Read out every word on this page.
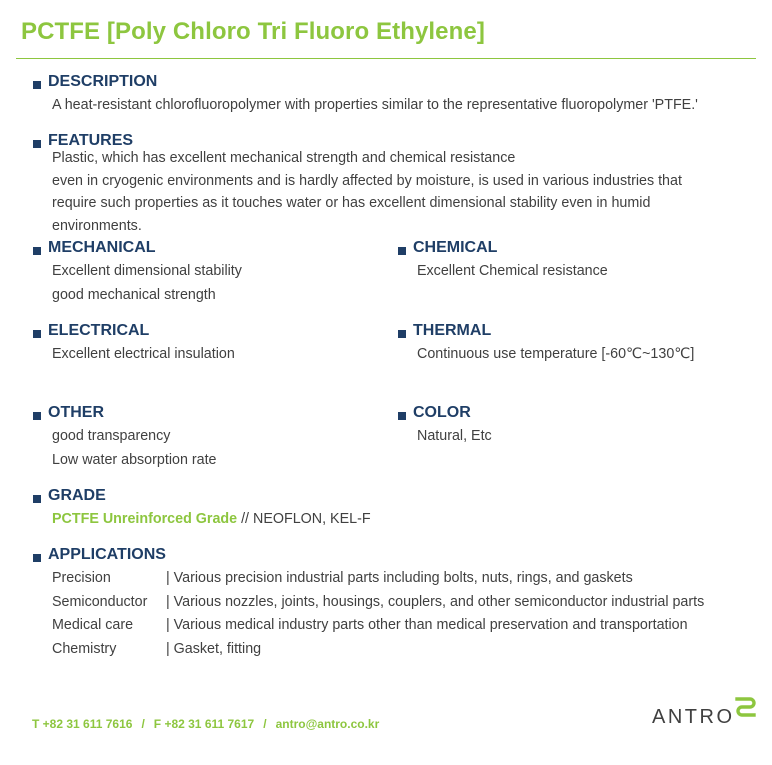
PCTFE [Poly Chloro Tri Fluoro Ethylene]
DESCRIPTION
A heat-resistant chlorofluoropolymer with properties similar to the representative fluoropolymer 'PTFE.'
FEATURES
Plastic, which has excellent mechanical strength and chemical resistance
even in cryogenic environments and is hardly affected by moisture, is used in various industries that
require such properties as it touches water or has excellent dimensional stability even in humid
environments.
MECHANICAL
Excellent dimensional stability
good mechanical strength
CHEMICAL
Excellent Chemical resistance
ELECTRICAL
Excellent electrical insulation
THERMAL
Continuous use temperature [-60℃~130℃]
OTHER
good transparency
Low water absorption rate
COLOR
Natural, Etc
GRADE
PCTFE Unreinforced Grade // NEOFLON, KEL-F
APPLICATIONS
Precision	| Various precision industrial parts including bolts, nuts, rings, and gaskets
Semiconductor	| Various nozzles, joints, housings, couplers, and other semiconductor industrial parts
Medical care	| Various medical industry parts other than medical preservation and transportation
Chemistry	| Gasket, fitting
T +82 31 611 7616 / F +82 31 611 7617 / antro@antro.co.kr	ANTRO
